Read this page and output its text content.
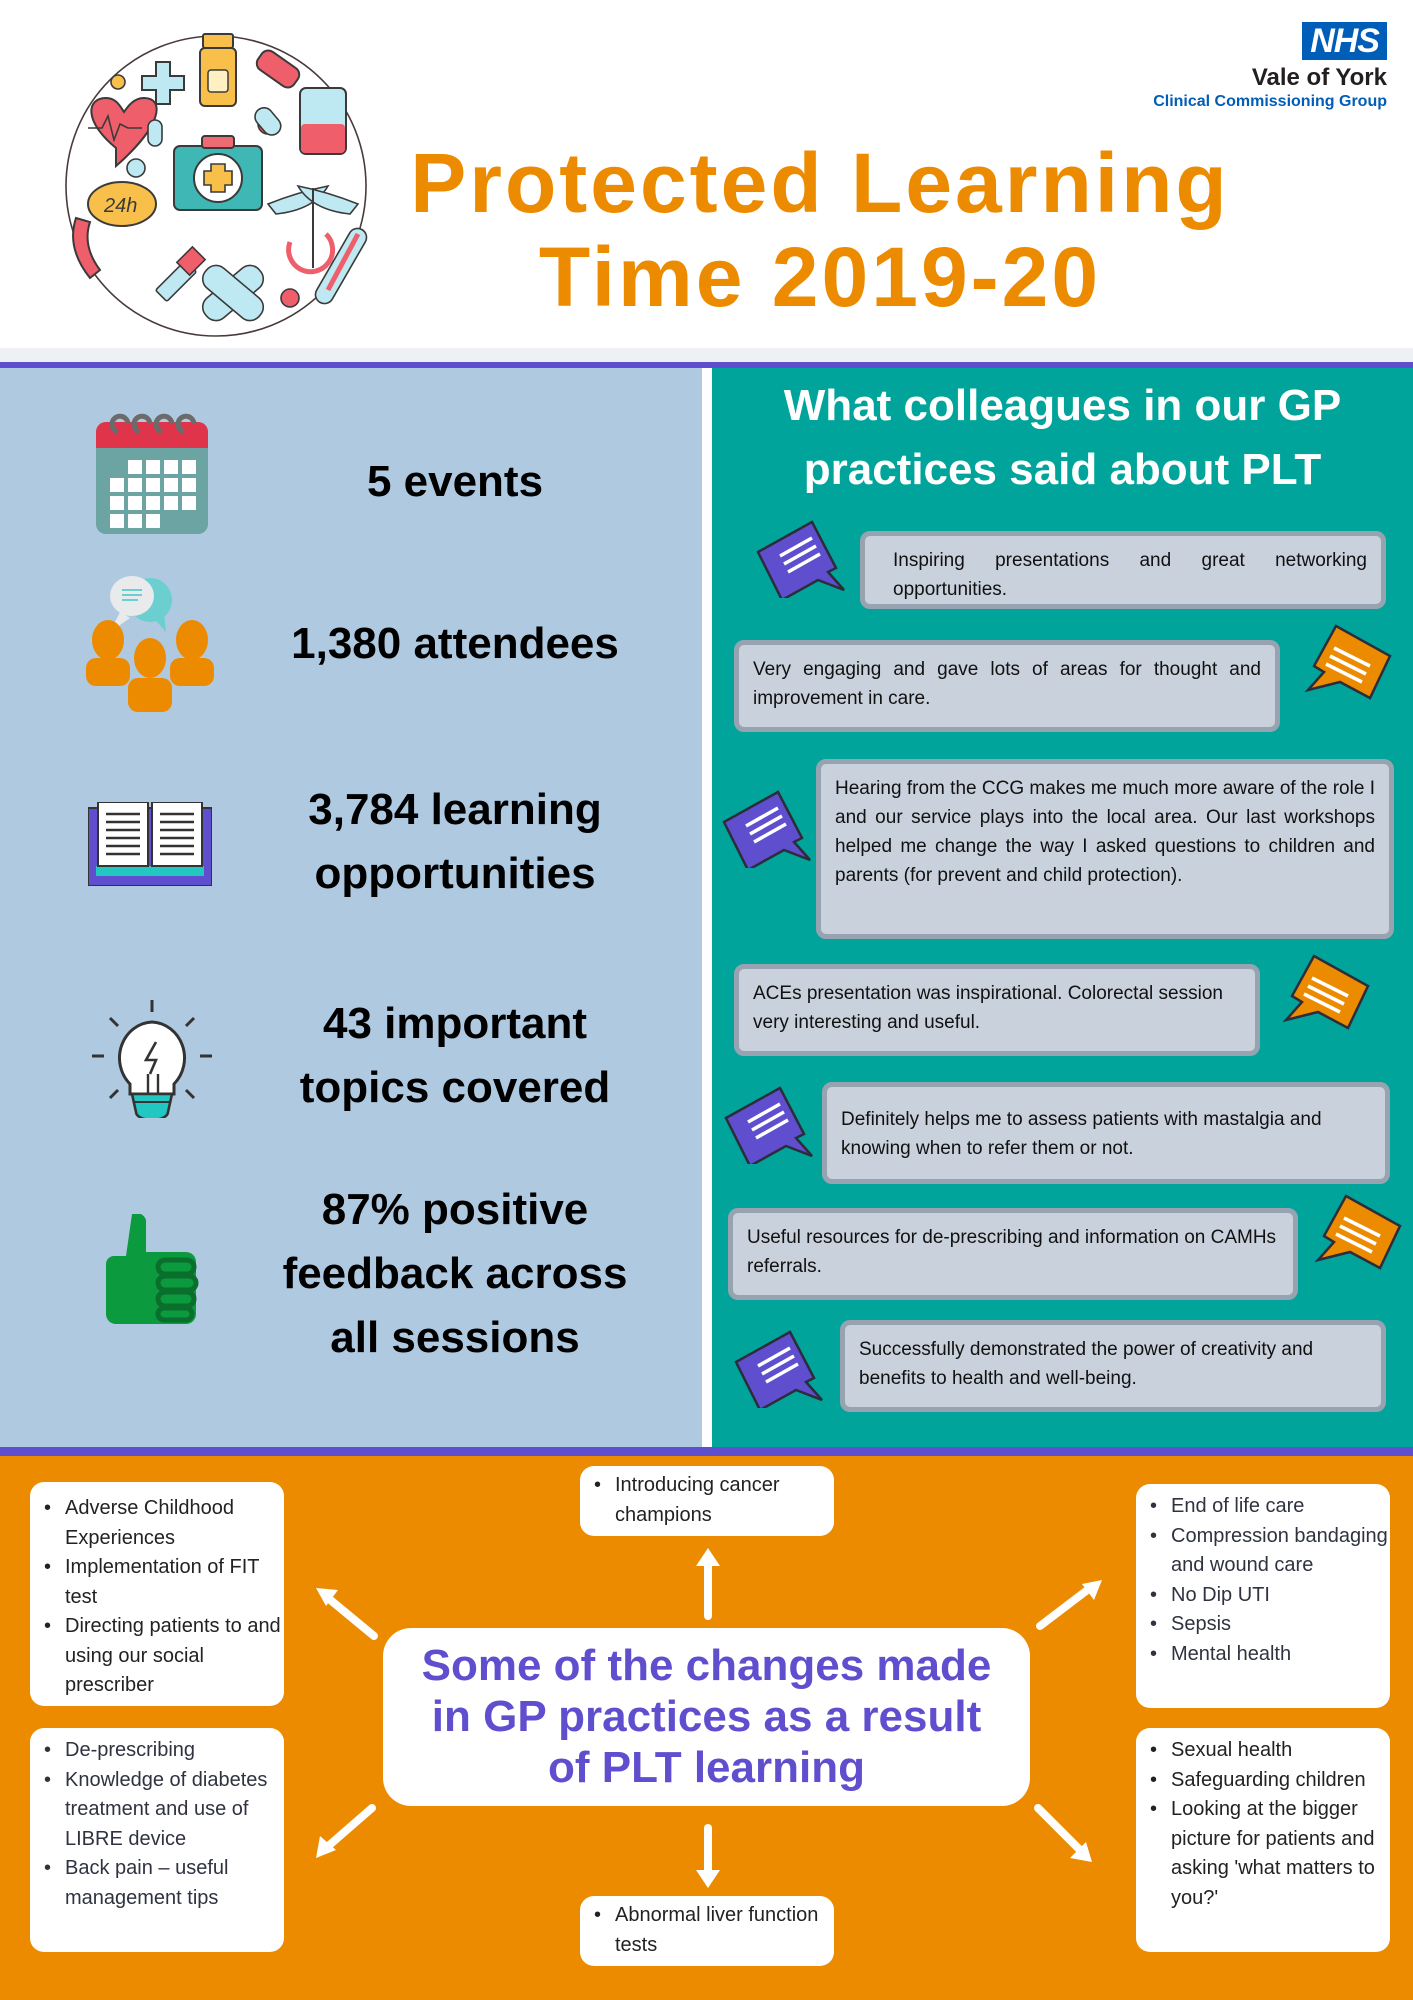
24h
NHS
Vale of York
Clinical Commissioning Group
Protected Learning
Time 2019-20
5 events
1,380 attendees
3,784 learning
opportunities
43 important
topics covered
87% positive
feedback across
all sessions
What colleagues in our GP
practices said about PLT
Inspiring presentations and great networking opportunities.
Very engaging and gave lots of areas for thought and improvement in care.
Hearing from the CCG makes me much more aware of the role I and our service plays into the local area. Our last workshops helped me change the way I asked questions to children and parents (for prevent and child protection).
ACEs presentation was inspirational. Colorectal session very interesting and useful.
Definitely helps me to assess patients with mastalgia and knowing when to refer them or not.
Useful resources for de-prescribing and information on CAMHs referrals.
Successfully demonstrated the power of creativity and benefits to health and well-being.
• Adverse Childhood Experiences
• Implementation of FIT test
• Directing patients to and using our social prescriber
• Introducing cancer champions	• End of life care
• Compression bandaging and wound care
• No Dip UTI
• Sepsis
• Mental health
Some of the changes made
in GP practices as a result
of PLT learning
• De-prescribing
• Knowledge of diabetes treatment and use of LIBRE device
• Back pain – useful management tips
• Abnormal liver function tests
• Sexual health
• Safeguarding children
• Looking at the bigger picture for patients and asking 'what matters to you?'
